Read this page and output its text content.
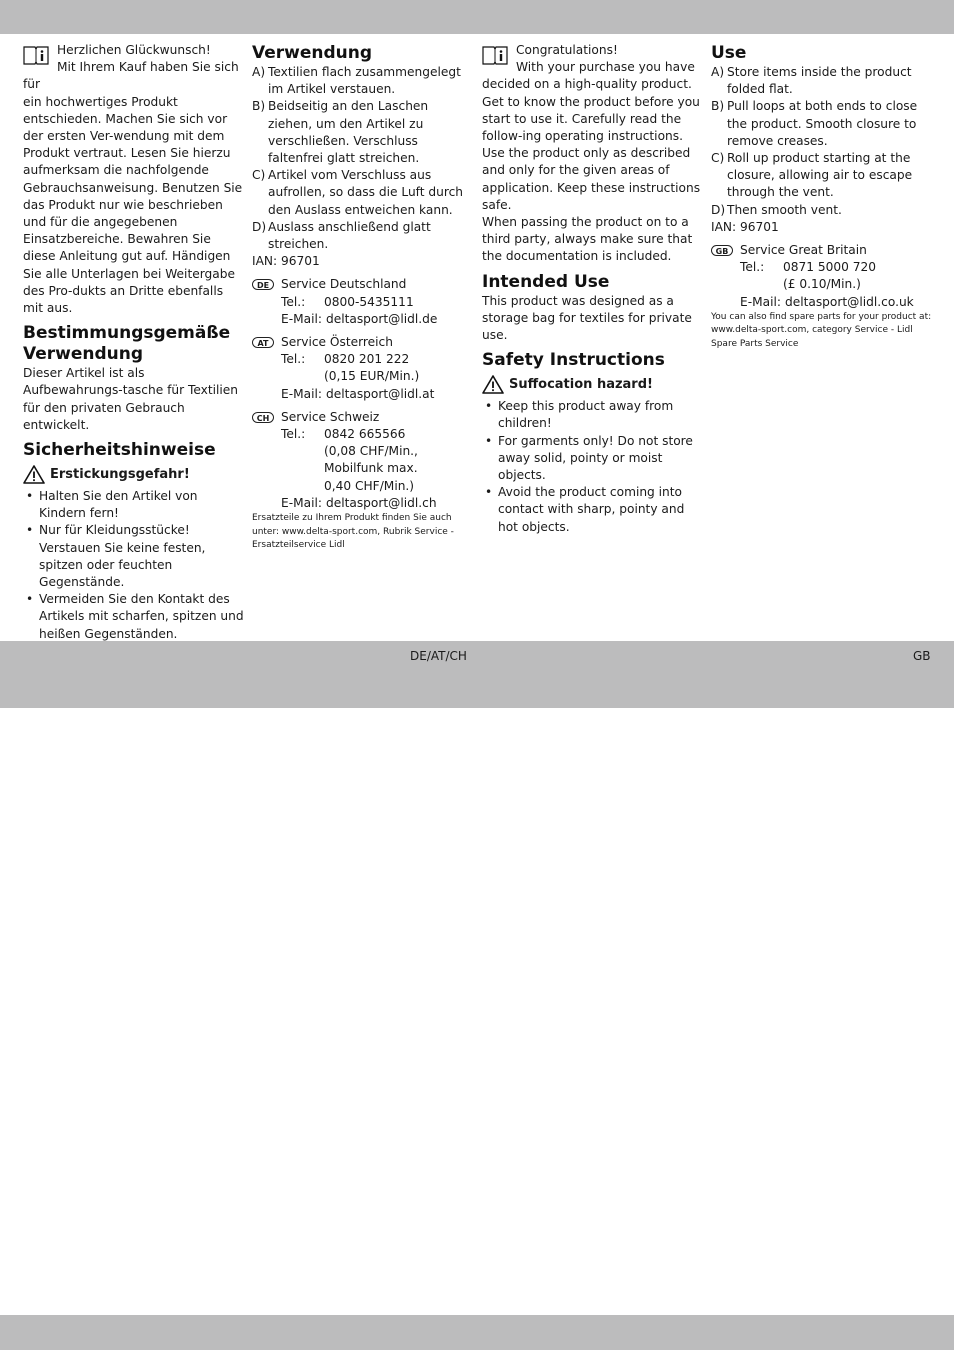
DE/AT/CH	GB

Herzlichen Glückwunsch!

Mit Ihrem Kauf haben Sie sich für

ein hochwertiges Produkt entschieden. Machen Sie sich vor der ersten Ver-wendung mit dem Produkt vertraut. Lesen Sie hierzu aufmerksam die nachfolgende Gebrauchsanweisung. Benutzen Sie das Produkt nur wie beschrieben und für die angegebenen Einsatzbereiche. Bewahren Sie diese Anleitung gut auf. Händigen Sie alle Unterlagen bei Weitergabe des Pro-dukts an Dritte ebenfalls mit aus.

Bestimmungsgemäße Verwendung

Dieser Artikel ist als Aufbewahrungs-tasche für Textilien für den privaten Gebrauch entwickelt.

Sicherheitshinweise
Erstickungsgefahr!
• Halten Sie den Artikel von Kindern fern!
• Nur für Kleidungsstücke! Verstauen Sie keine festen, spitzen oder feuchten Gegenstände.
• Vermeiden Sie den Kontakt des Artikels mit scharfen, spitzen und heißen Gegenständen.
Verwendung
A) Textilien flach zusammengelegt im Artikel verstauen.
B) Beidseitig an den Laschen ziehen, um den Artikel zu verschließen. Verschluss faltenfrei glatt streichen.
C) Artikel vom Verschluss aus aufrollen, so dass die Luft durch den Auslass entweichen kann.
D) Auslass anschließend glatt streichen.

IAN: 96701

DE Service Deutschland

Tel.:	0800-5435111
E-Mail: deltasport@lidl.de
AT	Service Österreich

Tel.:	0820 201 222
(0,15 EUR/Min.)
E-Mail: deltasport@lidl.at
CH Service Schweiz

Tel.:	0842 665566
(0,08 CHF/Min.,
Mobilfunk max.
0,40 CHF/Min.)
E-Mail: deltasport@lidl.ch

Ersatzteile zu Ihrem Produkt finden Sie auch unter: www.delta-sport.com, Rubrik Service - Ersatzteilservice Lidl

Congratulations!

With your purchase you have

decided on a high-quality product. Get to know the product before you start to use it. Carefully read the follow-ing operating instructions.

Use the product only as described and only for the given areas of application. Keep these instructions safe.

When passing the product on to a third party, always make sure that the documentation is included.

Intended Use

This product was designed as a storage bag for textiles for private use.

Safety Instructions
Suffocation hazard!
• Keep this product away from children!
• For garments only! Do not store away solid, pointy or moist objects.
• Avoid the product coming into contact with sharp, pointy and hot objects.
Use
A) Store items inside the product folded flat.
B) Pull loops at both ends to close the product. Smooth closure to remove creases.
C) Roll up product starting at the closure, allowing air to escape through the vent.
D) Then smooth vent.

IAN: 96701

GB Service Great Britain

Tel.:	0871 5000 720
(£ 0.10/Min.)
E-Mail: deltasport@lidl.co.uk

You can also find spare parts for your product at: www.delta-sport.com, category Service - Lidl Spare Parts Service
